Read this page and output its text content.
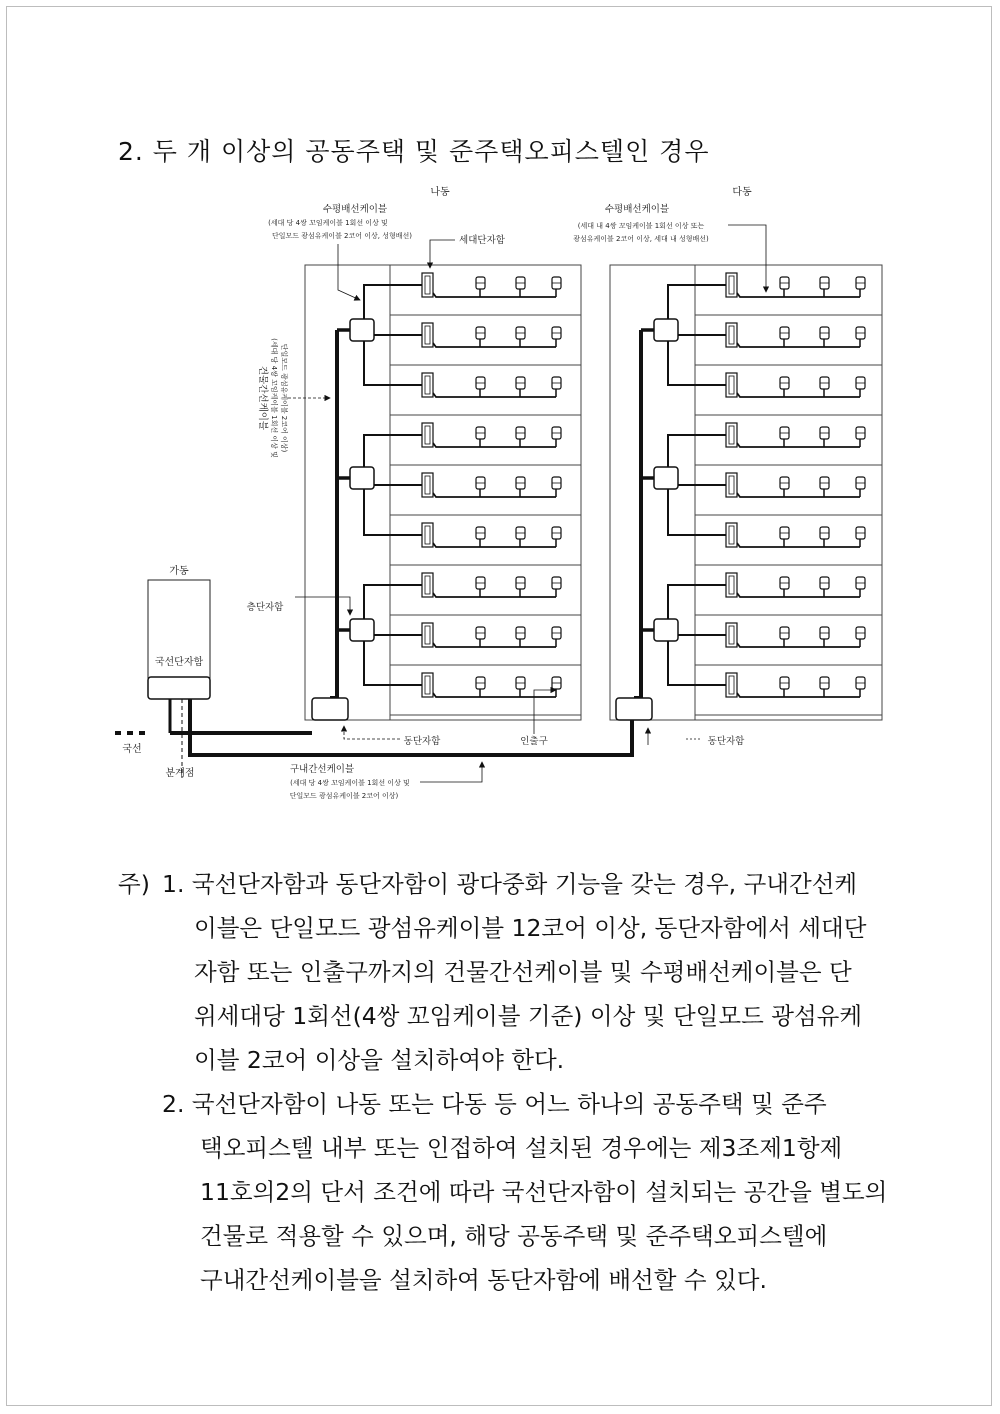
2. 두 개 이상의 공동주택 및 준주택오피스텔인 경우
가동
국선단자함
나동	다동
국선
분계점
수평배선케이블
(세대 당 4쌍 꼬임케이블 1회선 이상 및
단일모드 광섬유케이블 2코어 이상, 성형배선)	세대단자함
수평배선케이블
(세대 내 4쌍 꼬임케이블 1회선 이상 또는
광섬유케이블 2코어 이상, 세대 내 성형배선)
건물간선케이블 (세대 당 4쌍 꼬임케이블 1회선 이상 및 단일모드 광섬유케이블 2코어 이상)
층단자함
동단자함	인출구	동단자함
구내간선케이블
(세대 당 4쌍 꼬임케이블 1회선 이상 및
단일모드 광섬유케이블 2코어 이상)
주) 1. 국선단자함과 동단자함이 광다중화 기능을 갖는 경우, 구내간선케
이블은 단일모드 광섬유케이블 12코어 이상, 동단자함에서 세대단
자함 또는 인출구까지의 건물간선케이블 및 수평배선케이블은 단
위세대당 1회선(4쌍 꼬임케이블 기준) 이상 및 단일모드 광섬유케
이블 2코어 이상을 설치하여야 한다.
2. 국선단자함이 나동 또는 다동 등 어느 하나의 공동주택 및 준주
택오피스텔 내부 또는 인접하여 설치된 경우에는 제3조제1항제
11호의2의 단서 조건에 따라 국선단자함이 설치되는 공간을 별도의
건물로 적용할 수 있으며, 해당 공동주택 및 준주택오피스텔에
구내간선케이블을 설치하여 동단자함에 배선할 수 있다.
